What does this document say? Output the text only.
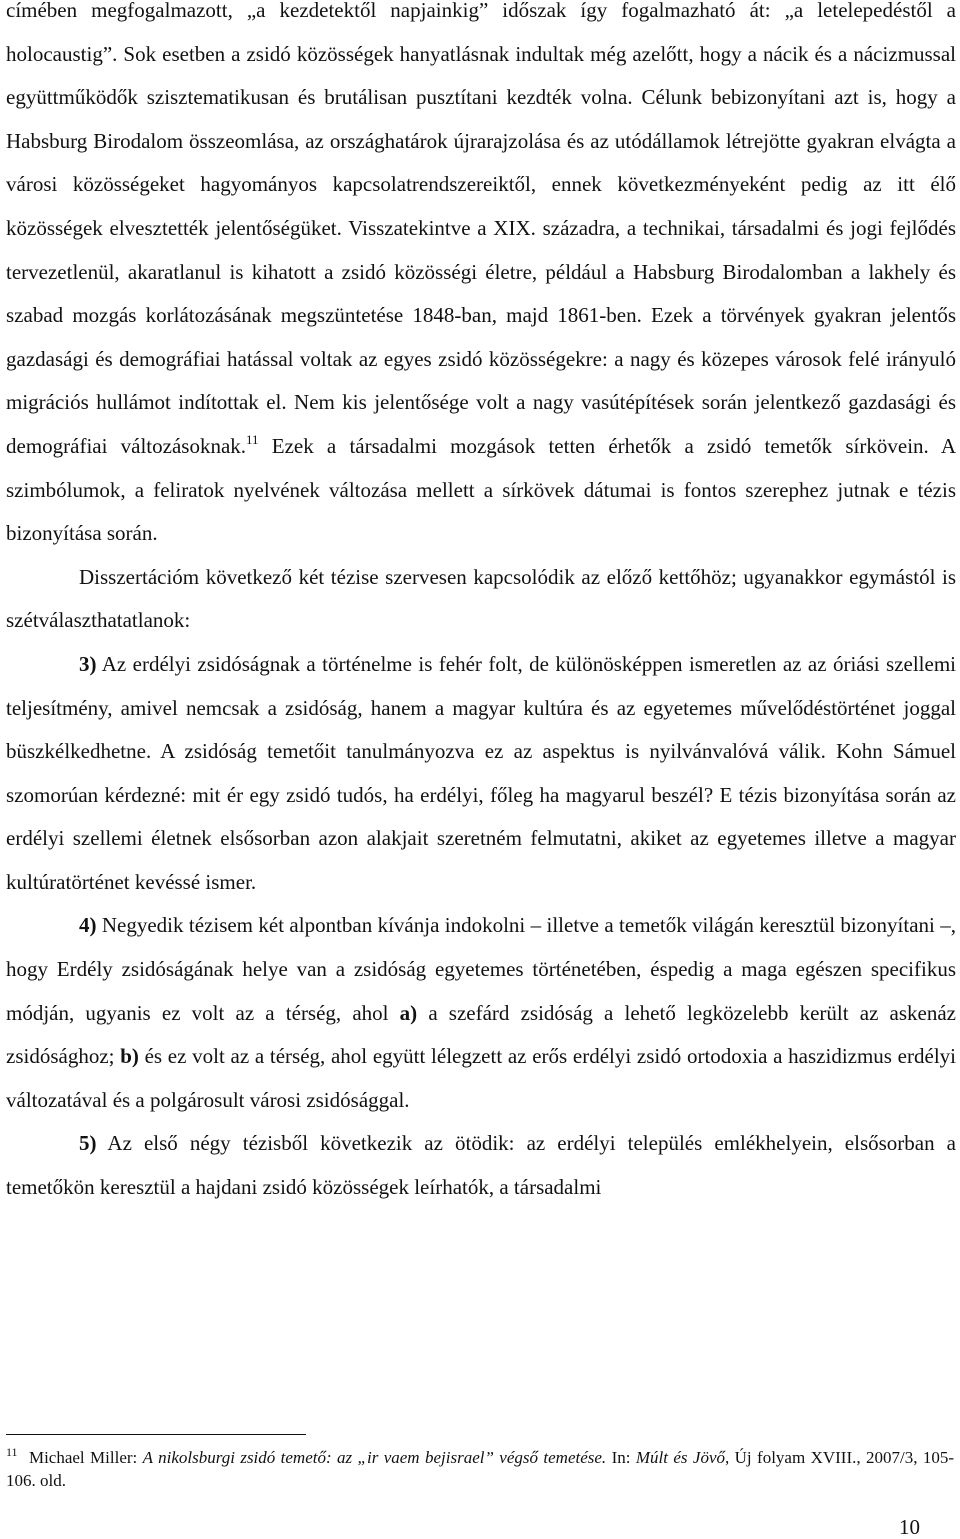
címében megfogalmazott, „a kezdetektől napjainkig” időszak így fogalmazható át: „a letelepedéstől a holocaustig”. Sok esetben a zsidó közösségek hanyatlásnak indultak még azelőtt, hogy a nácik és a nácizmussal együttműködők szisztematikusan és brutálisan pusztítani kezdték volna. Célunk bebizonyítani azt is, hogy a Habsburg Birodalom összeomlása, az országhatárok újrarajzolása és az utódállamok létrejötte gyakran elvágta a városi közösségeket hagyományos kapcsolatrendszereiktől, ennek következményeként pedig az itt élő közösségek elvesztették jelentőségüket. Visszatekintve a XIX. századra, a technikai, társadalmi és jogi fejlődés tervezetlenül, akaratlanul is kihatott a zsidó közösségi életre, például a Habsburg Birodalomban a lakhely és szabad mozgás korlátozásának megszüntetése 1848-ban, majd 1861-ben. Ezek a törvények gyakran jelentős gazdasági és demográfiai hatással voltak az egyes zsidó közösségekre: a nagy és közepes városok felé irányuló migrációs hullámot indítottak el. Nem kis jelentősége volt a nagy vasútépítések során jelentkező gazdasági és demográfiai változásoknak.$^{11}$ Ezek a társadalmi mozgások tetten érhetők a zsidó temetők sírkövein. A szimbólumok, a feliratok nyelvének változása mellett a sírkövek dátumai is fontos szerephez jutnak e tézis bizonyítása során.

Disszertációm következő két tézise szervesen kapcsolódik az előző kettőhöz; ugyanakkor egymástól is szétválaszthatatlanok:

3) Az erdélyi zsidóságnak a történelme is fehér folt, de különösképpen ismeretlen az az óriási szellemi teljesítmény, amivel nemcsak a zsidóság, hanem a magyar kultúra és az egyetemes művelődéstörténet joggal büszkélkedhetne. A zsidóság temetőit tanulmányozva ez az aspektus is nyilvánvalóvá válik. Kohn Sámuel szomorúan kérdezné: mit ér egy zsidó tudós, ha erdélyi, főleg ha magyarul beszél? E tézis bizonyítása során az erdélyi szellemi életnek elsősorban azon alakjait szeretném felmutatni, akiket az egyetemes illetve a magyar kultúratörténet kevéssé ismer.

4) Negyedik tézisem két alpontban kívánja indokolni – illetve a temetők világán keresztül bizonyítani –, hogy Erdély zsidóságának helye van a zsidóság egyetemes történetében, éspedig a maga egészen specifikus módján, ugyanis ez volt az a térség, ahol a) a szefárd zsidóság a lehető legközelebb került az askenáz zsidósághoz; b) és ez volt az a térség, ahol együtt lélegzett az erős erdélyi zsidó ortodoxia a haszidizmus erdélyi változatával és a polgárosult városi zsidósággal.

5) Az első négy tézisből következik az ötödik: az erdélyi település emlékhelyein, elsősorban a temetőkön keresztül a hajdani zsidó közösségek leírhatók, a társadalmi

$^{11}$ Michael Miller: A nikolsburgi zsidó temető: az „ir vaem bejisrael” végső temetése. In: Múlt és Jövő, Új folyam XVIII., 2007/3, 105-106. old.

10
